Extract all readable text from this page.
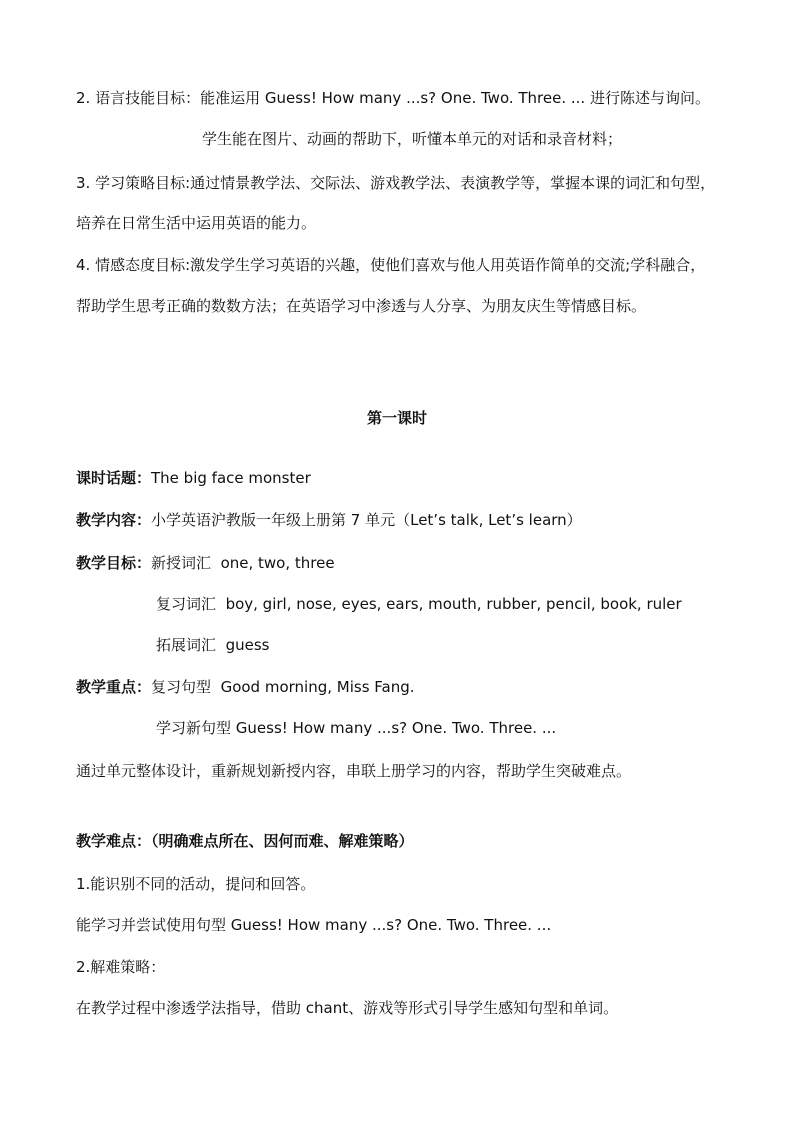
2. 语言技能目标：能准运用 Guess! How many ...s? One. Two. Three. ... 进行陈述与询问。
学生能在图片、动画的帮助下，听懂本单元的对话和录音材料；
3. 学习策略目标:通过情景教学法、交际法、游戏教学法、表演教学等，掌握本课的词汇和句型，
培养在日常生活中运用英语的能力。
4. 情感态度目标:激发学生学习英语的兴趣，使他们喜欢与他人用英语作简单的交流;学科融合，
帮助学生思考正确的数数方法；在英语学习中渗透与人分享、为朋友庆生等情感目标。
第一课时
课时话题：The big face monster
教学内容：小学英语沪教版一年级上册第 7 单元（Let’s talk, Let’s learn）
教学目标：新授词汇 one, two, three
复习词汇 boy, girl, nose, eyes, ears, mouth, rubber, pencil, book, ruler
拓展词汇 guess
教学重点：复习句型 Good morning, Miss Fang.
学习新句型 Guess! How many ...s? One. Two. Three. ...
通过单元整体设计，重新规划新授内容，串联上册学习的内容，帮助学生突破难点。
教学难点：（明确难点所在、因何而难、解难策略）
1.能识别不同的活动，提问和回答。
能学习并尝试使用句型 Guess! How many ...s? One. Two. Three. ...
2.解难策略：
在教学过程中渗透学法指导，借助 chant、游戏等形式引导学生感知句型和单词。
